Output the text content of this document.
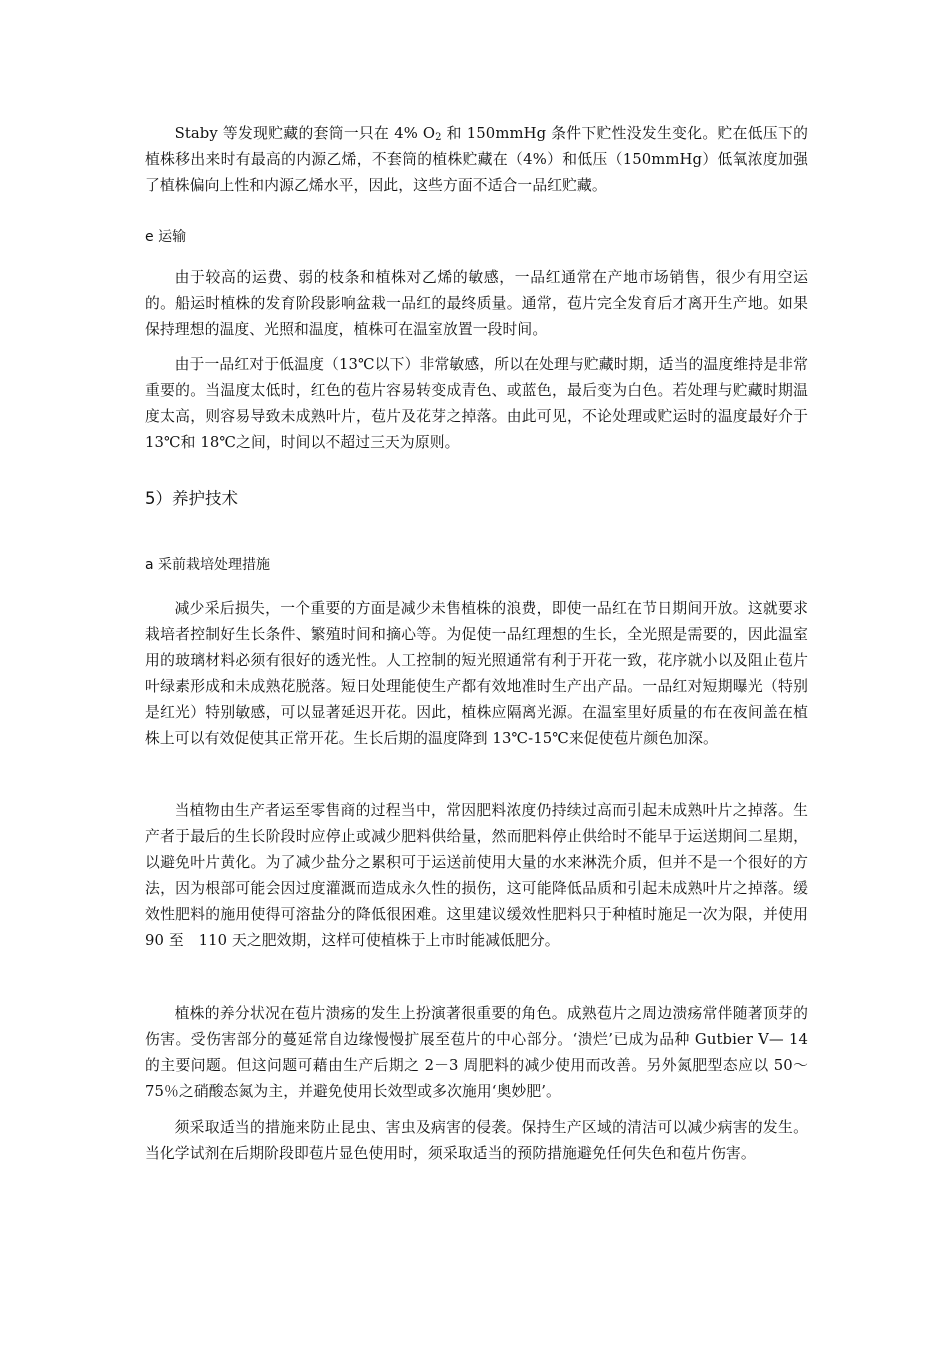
Staby 等发现贮藏的套筒一只在 4% $O_2$ 和 150mmHg 条件下贮性没发生变化。贮在低压下的植株移出来时有最高的内源乙烯，不套筒的植株贮藏在（4%）和低压（150mmHg）低氧浓度加强了植株偏向上性和内源乙烯水平，因此，这些方面不适合一品红贮藏。

e 运输

由于较高的运费、弱的枝条和植株对乙烯的敏感，一品红通常在产地市场销售，很少有用空运的。船运时植株的发育阶段影响盆栽一品红的最终质量。通常，苞片完全发育后才离开生产地。如果保持理想的温度、光照和温度，植株可在温室放置一段时间。

由于一品红对于低温度（13℃以下）非常敏感，所以在处理与贮藏时期，适当的温度维持是非常重要的。当温度太低时，红色的苞片容易转变成青色、或蓝色，最后变为白色。若处理与贮藏时期温度太高，则容易导致未成熟叶片，苞片及花芽之掉落。由此可见，不论处理或贮运时的温度最好介于 13℃和 18℃之间，时间以不超过三天为原则。

5）养护技术
a 采前栽培处理措施

减少采后损失，一个重要的方面是减少未售植株的浪费，即使一品红在节日期间开放。这就要求栽培者控制好生长条件、繁殖时间和摘心等。为促使一品红理想的生长，全光照是需要的，因此温室用的玻璃材料必须有很好的透光性。人工控制的短光照通常有利于开花一致，花序就小以及阻止苞片叶绿素形成和未成熟花脱落。短日处理能使生产都有效地准时生产出产品。一品红对短期曝光（特别是红光）特别敏感，可以显著延迟开花。因此，植株应隔离光源。在温室里好质量的布在夜间盖在植株上可以有效促使其正常开花。生长后期的温度降到 13℃-15℃来促使苞片颜色加深。

当植物由生产者运至零售商的过程当中，常因肥料浓度仍持续过高而引起未成熟叶片之掉落。生产者于最后的生长阶段时应停止或减少肥料供给量，然而肥料停止供给时不能早于运送期间二星期，以避免叶片黄化。为了减少盐分之累积可于运送前使用大量的水来淋洗介质，但并不是一个很好的方法，因为根部可能会因过度灌溉而造成永久性的损伤，这可能降低品质和引起未成熟叶片之掉落。缓效性肥料的施用使得可溶盐分的降低很困难。这里建议缓效性肥料只于种植时施足一次为限，并使用 90 至　110 天之肥效期，这样可使植株于上市时能减低肥分。

植株的养分状况在苞片溃疡的发生上扮演著很重要的角色。成熟苞片之周边溃疡常伴随著顶芽的伤害。受伤害部分的蔓延常自边缘慢慢扩展至苞片的中心部分。‘溃烂’已成为品种 Gutbier V— 14 的主要问题。但这问题可藉由生产后期之 2－3 周肥料的减少使用而改善。另外氮肥型态应以 50～75％之硝酸态氮为主，并避免使用长效型或多次施用‘奥妙肥’。

须采取适当的措施来防止昆虫、害虫及病害的侵袭。保持生产区域的清洁可以减少病害的发生。当化学试剂在后期阶段即苞片显色使用时，须采取适当的预防措施避免任何失色和苞片伤害。
